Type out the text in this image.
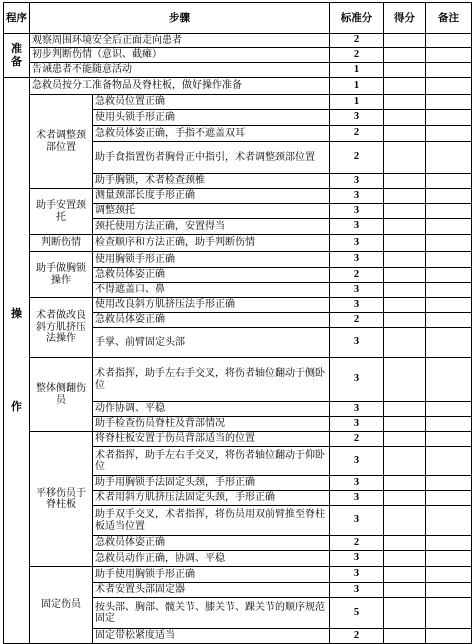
程序	步骤		标准分	得分	备注

准
备	观察周围环境安全后正面走向患者		2		
	初步判断伤情（意识、截瘫）		2		
	告诫患者不能随意活动		1		

操
作	急救员按分工准备物品及脊柱板，做好操作准备		1		
	术者调整颈部位置	急救员位置正确	1		
		使用头锁手形正确	3		
		急救员体姿正确，手指不遮盖双耳	2		
		助手食指置伤者胸骨正中指引，术者调整颈部位置	2		
		助手胸锁，术者检查颈椎	3		
	助手安置颈托	测量颈部长度手形正确	3		
		调整颈托	3		
		颈托使用方法正确，安置得当	3		
	判断伤情	检查顺序和方法正确，助手判断伤情	3		
	助手做胸锁操作	使用胸锁手形正确	3		
		急救员体姿正确	2		
		不得遮盖口、鼻	3		
	术者做改良斜方肌挤压法操作	使用改良斜方肌挤压法手形正确	3		
		急救员体姿正确	2		
		手掌、前臂固定头部	3		
	整体侧翻伤员	术者指挥，助手左右手交叉，将伤者轴位翻动于侧卧位	3		
		动作协调、平稳	3		
		助手检查伤员脊柱及背部情况	3		
	平移伤员于脊柱板	将脊柱板安置于伤员背部适当的位置	2		
		术者指挥，助手左右手交叉，将伤者轴位翻动于仰卧位	3		
		助手用胸锁手法固定头颈，手形正确	3		
		术者用斜方肌挤压法固定头颈，手形正确	3		
		助手双手交叉，术者指挥，将伤员用双前臂推至脊柱板适当位置	3		
		急救员体姿正确	2		
		急救员动作正确，协调、平稳	3		
	固定伤员	助手使用胸锁手形正确	3		
		术者安置头部固定器	3		
		按头部、胸部、髋关节、膝关节、踝关节的顺序规范固定	5		
		固定带松紧度适当	2		
